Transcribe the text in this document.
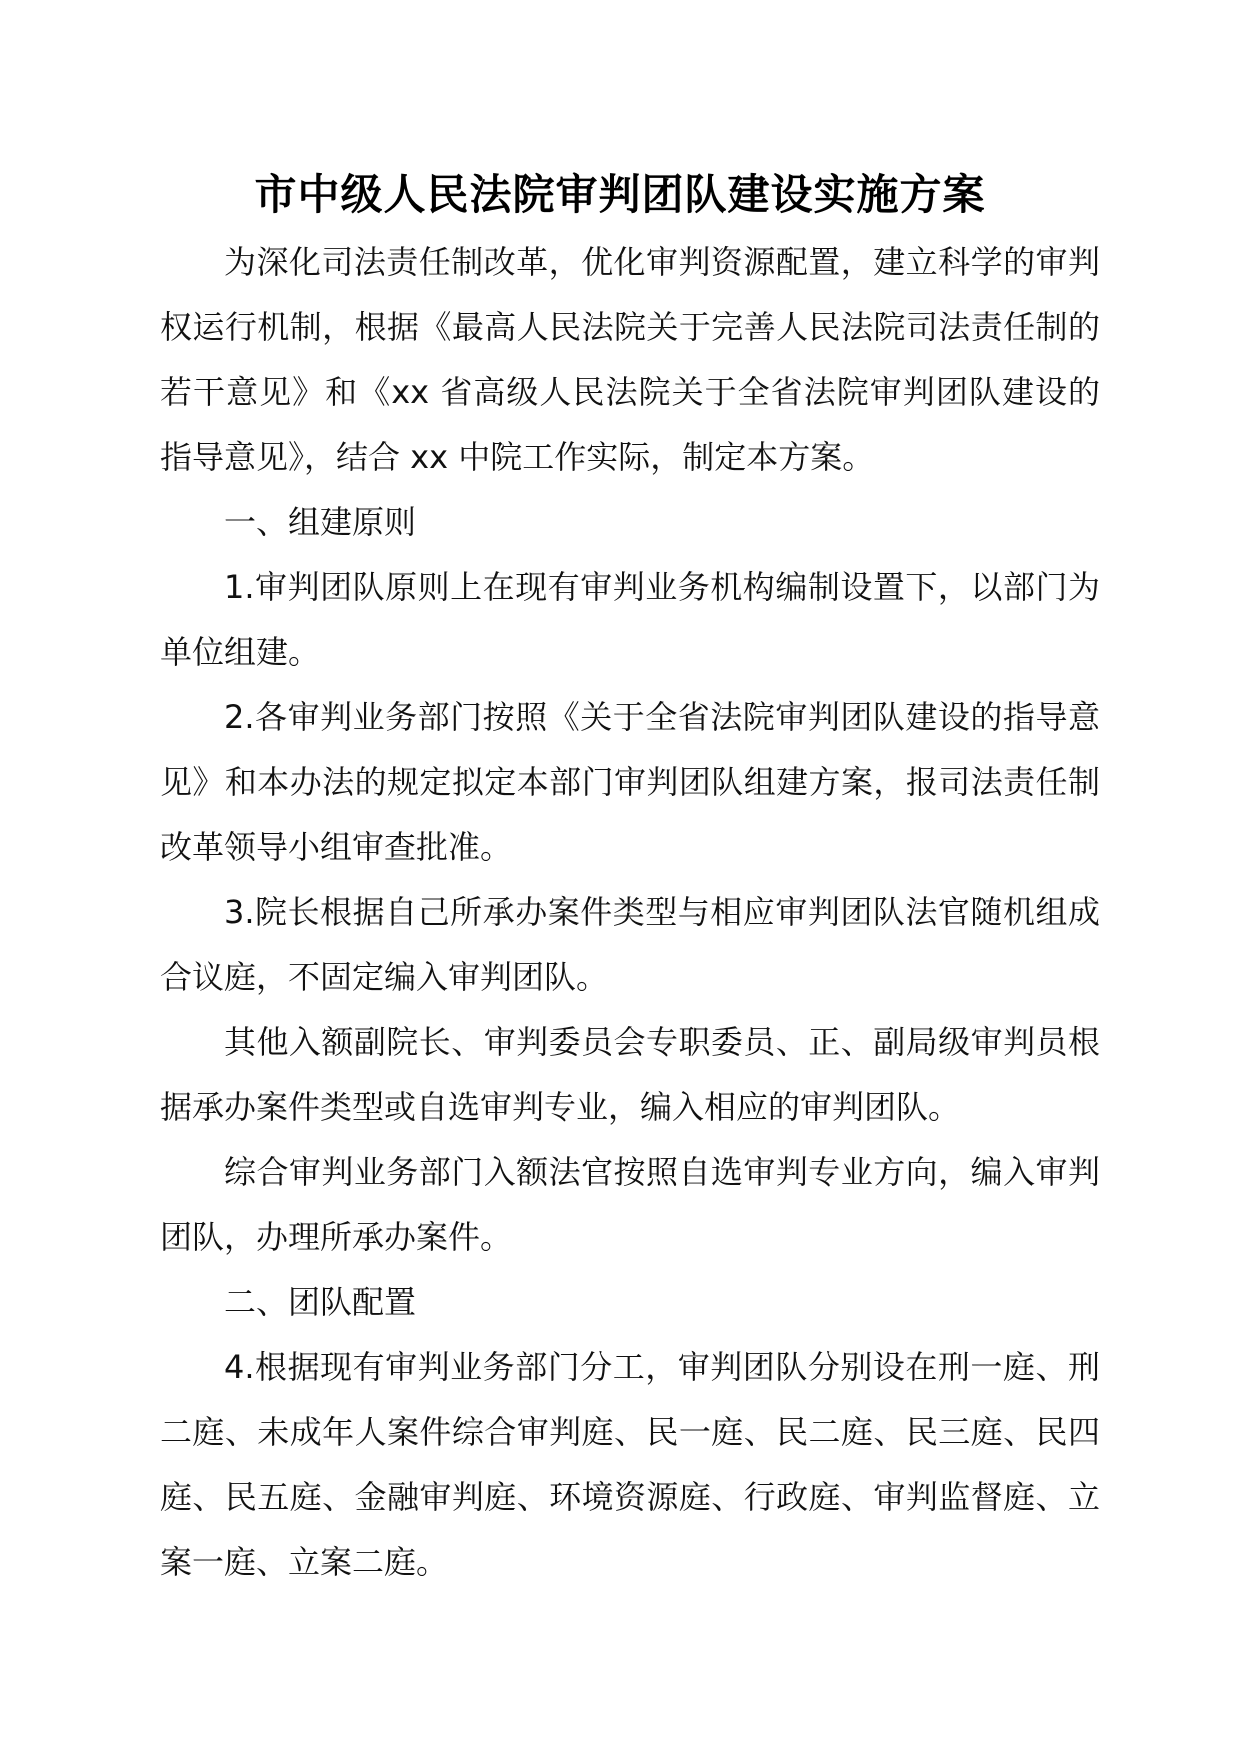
市中级人民法院审判团队建设实施方案

为深化司法责任制改革，优化审判资源配置，建立科学的审判权运行机制，根据《最高人民法院关于完善人民法院司法责任制的若干意见》和《xx 省高级人民法院关于全省法院审判团队建设的指导意见》，结合 xx 中院工作实际，制定本方案。

一、组建原则

1.审判团队原则上在现有审判业务机构编制设置下，以部门为单位组建。

2.各审判业务部门按照《关于全省法院审判团队建设的指导意见》和本办法的规定拟定本部门审判团队组建方案，报司法责任制改革领导小组审查批准。

3.院长根据自己所承办案件类型与相应审判团队法官随机组成合议庭，不固定编入审判团队。

其他入额副院长、审判委员会专职委员、正、副局级审判员根据承办案件类型或自选审判专业，编入相应的审判团队。

综合审判业务部门入额法官按照自选审判专业方向，编入审判团队，办理所承办案件。

二、团队配置

4.根据现有审判业务部门分工，审判团队分别设在刑一庭、刑二庭、未成年人案件综合审判庭、民一庭、民二庭、民三庭、民四庭、民五庭、金融审判庭、环境资源庭、行政庭、审判监督庭、立案一庭、立案二庭。
